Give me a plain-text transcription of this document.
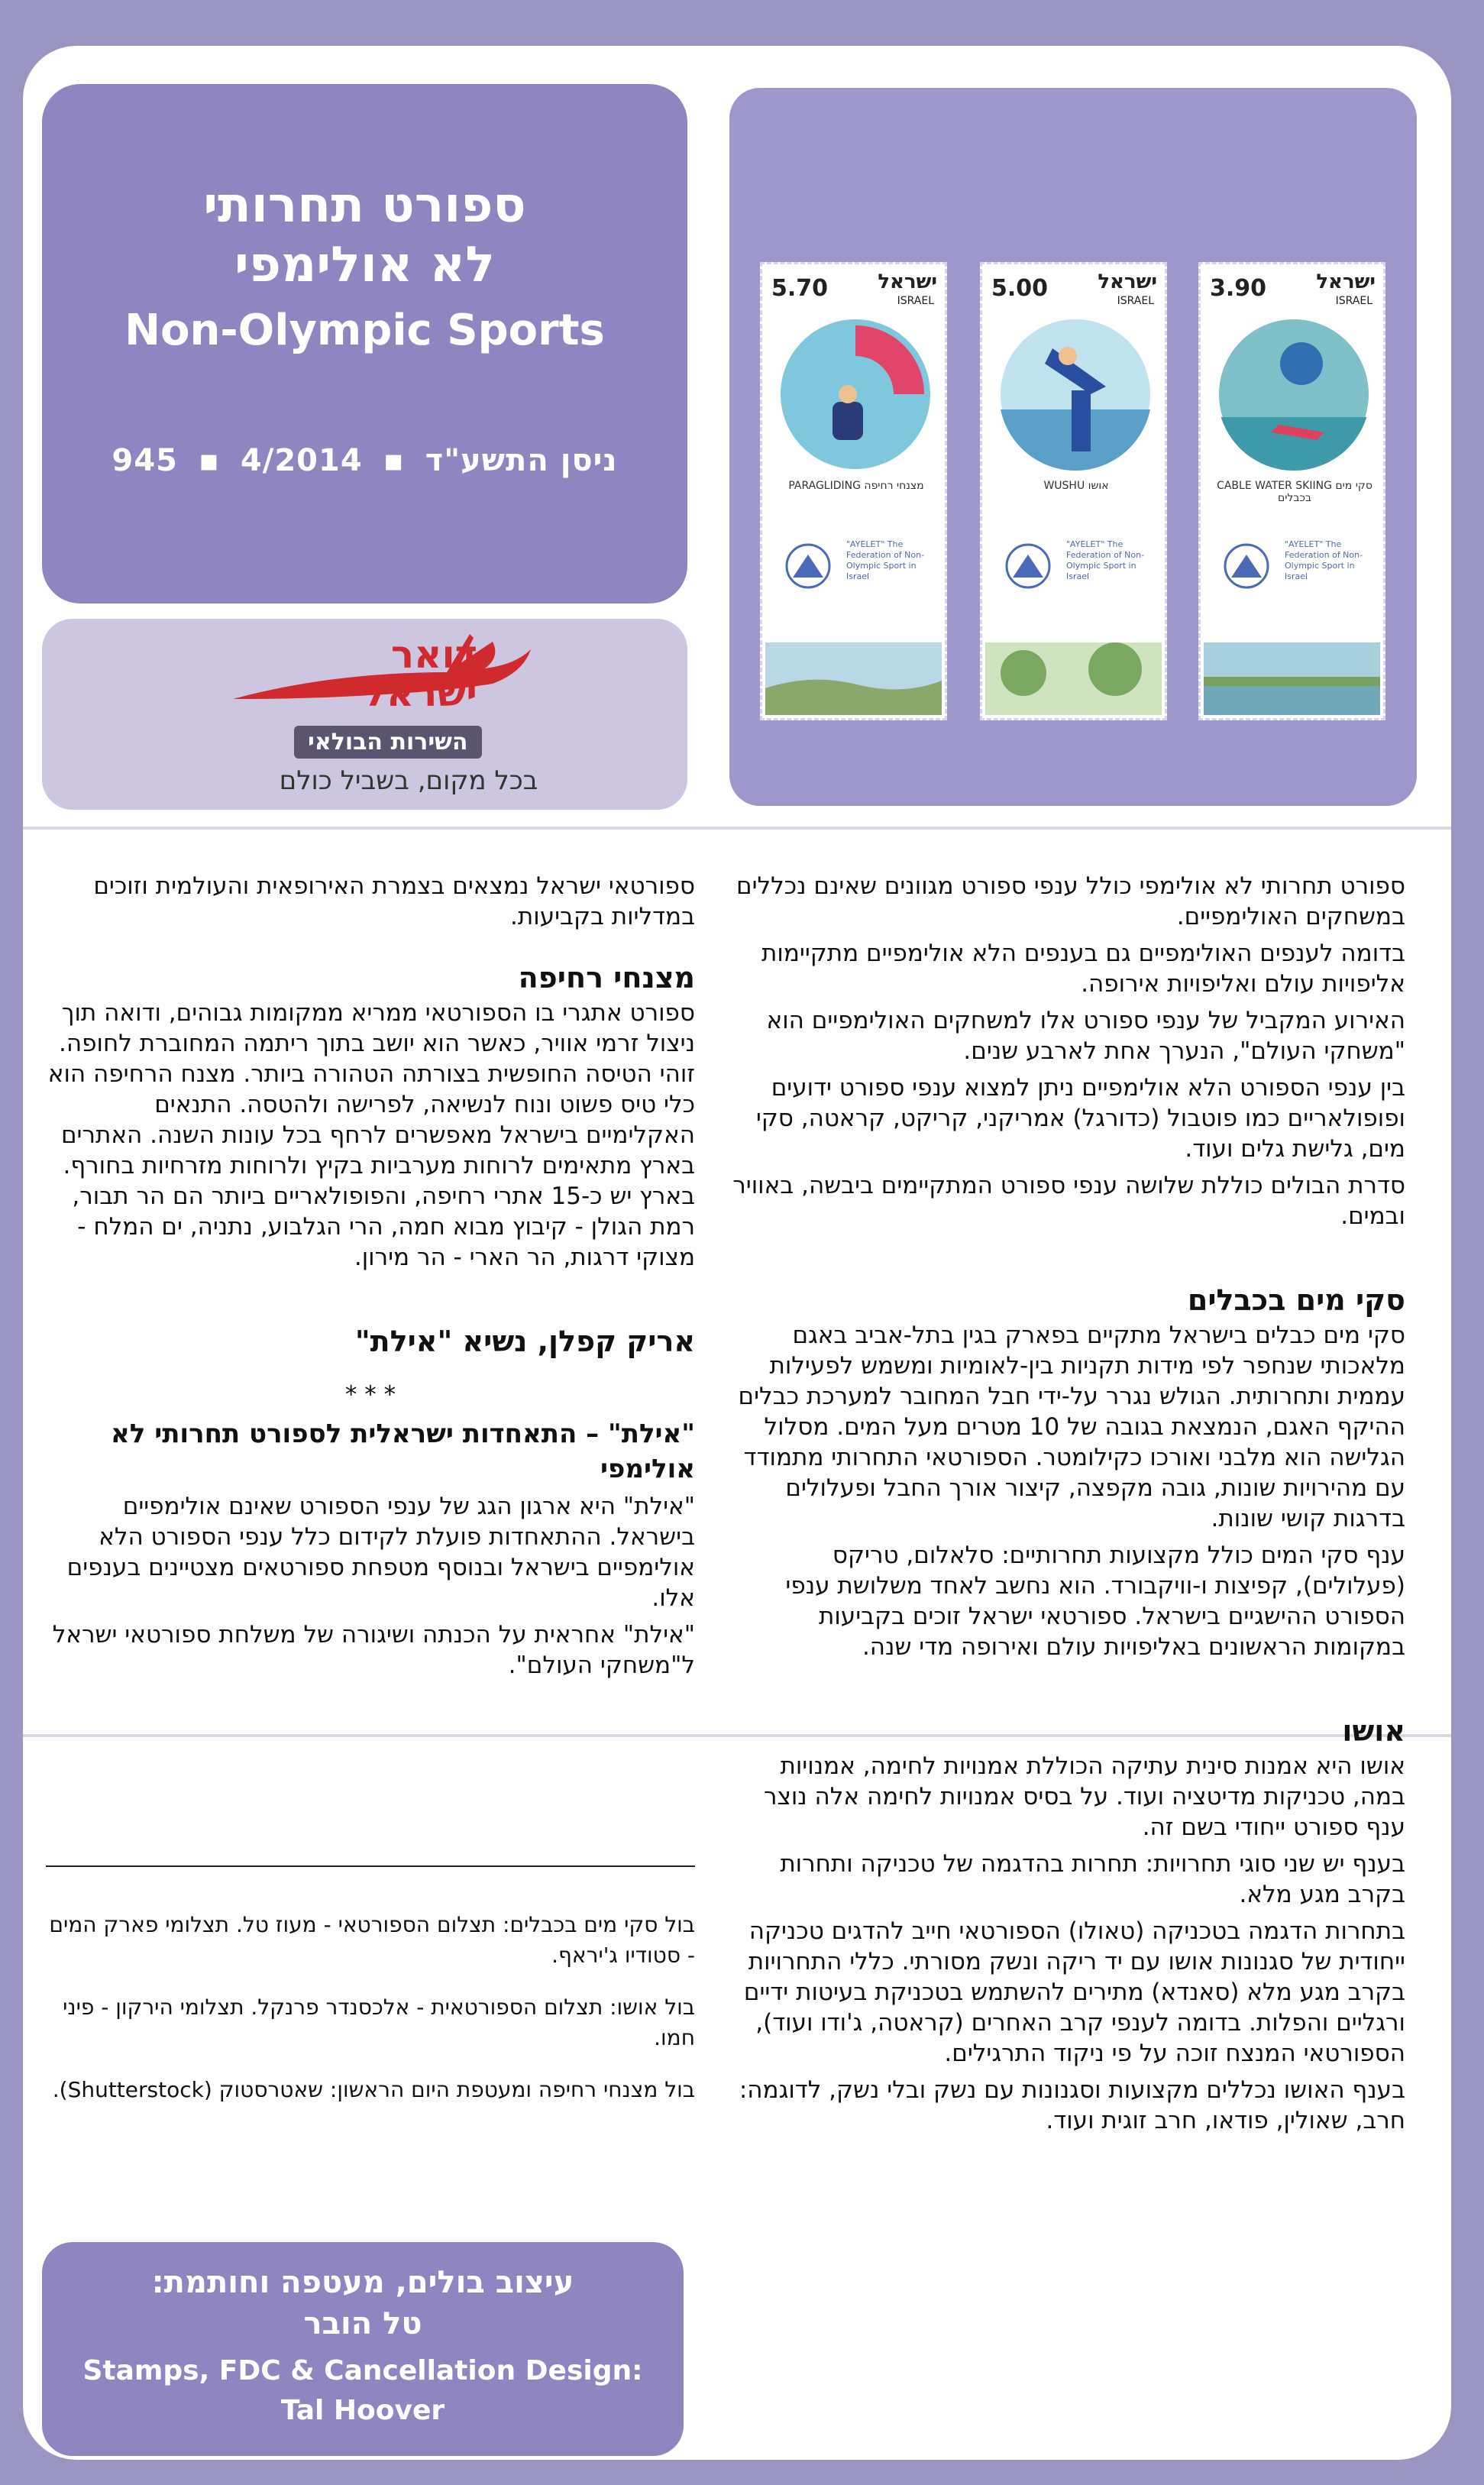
ספורט תחרותי
לא אולימפי
Non-Olympic Sports
945 ▪ 4/2014 ▪ ניסן התשע"ד
דואר
ישראל
השירות הבולאי
בכל מקום, בשביל כולם
5.70	ישראל
ISRAEL
PARAGLIDING מצנחי רחיפה
"AYELET" The Federation of Non-Olympic Sport in Israel
5.00	ישראל
ISRAEL
WUSHU אושו
"AYELET" The Federation of Non-Olympic Sport in Israel
3.90	ישראל
ISRAEL
CABLE WATER SKIING סקי מים בכבלים
"AYELET" The Federation of Non-Olympic Sport in Israel

ספורט תחרותי לא אולימפי כולל ענפי ספורט מגוונים שאינם נכללים במשחקים האולימפיים.

בדומה לענפים האולימפיים גם בענפים הלא אולימפיים מתקיימות אליפויות עולם ואליפויות אירופה.

האירוע המקביל של ענפי ספורט אלו למשחקים האולימפיים הוא "משחקי העולם", הנערך אחת לארבע שנים.

בין ענפי הספורט הלא אולימפיים ניתן למצוא ענפי ספורט ידועים ופופולאריים כמו פוטבול (כדורגל) אמריקני, קריקט, קראטה, סקי מים, גלישת גלים ועוד.

סדרת הבולים כוללת שלושה ענפי ספורט המתקיימים ביבשה, באוויר ובמים.

סקי מים בכבלים

סקי מים כבלים בישראל מתקיים בפארק בגין בתל-אביב באגם מלאכותי שנחפר לפי מידות תקניות בין-לאומיות ומשמש לפעילות עממית ותחרותית. הגולש נגרר על-ידי חבל המחובר למערכת כבלים ההיקף האגם, הנמצאת בגובה של 10 מטרים מעל המים. מסלול הגלישה הוא מלבני ואורכו כקילומטר. הספורטאי התחרותי מתמודד עם מהירויות שונות, גובה מקפצה, קיצור אורך החבל ופעלולים בדרגות קושי שונות.

ענף סקי המים כולל מקצועות תחרותיים: סלאלום, טריקס (פעלולים), קפיצות ו-וויקבורד. הוא נחשב לאחד משלושת ענפי הספורט ההישגיים בישראל. ספורטאי ישראל זוכים בקביעות במקומות הראשונים באליפויות עולם ואירופה מדי שנה.

אושו

אושו היא אמנות סינית עתיקה הכוללת אמנויות לחימה, אמנויות במה, טכניקות מדיטציה ועוד. על בסיס אמנויות לחימה אלה נוצר ענף ספורט ייחודי בשם זה.

בענף יש שני סוגי תחרויות: תחרות בהדגמה של טכניקה ותחרות בקרב מגע מלא.

בתחרות הדגמה בטכניקה (טאולו) הספורטאי חייב להדגים טכניקה ייחודית של סגנונות אושו עם יד ריקה ונשק מסורתי. כללי התחרויות בקרב מגע מלא (סאנדא) מתירים להשתמש בטכניקת בעיטות ידיים ורגליים והפלות. בדומה לענפי קרב האחרים (קראטה, ג'ודו ועוד), הספורטאי המנצח זוכה על פי ניקוד התרגילים.

בענף האושו נכללים מקצועות וסגנונות עם נשק ובלי נשק, לדוגמה: חרב, שאולין, פודאו, חרב זוגית ועוד.

ספורטאי ישראל נמצאים בצמרת האירופאית והעולמית וזוכים במדליות בקביעות.

מצנחי רחיפה

ספורט אתגרי בו הספורטאי ממריא ממקומות גבוהים, ודואה תוך ניצול זרמי אוויר, כאשר הוא יושב בתוך ריתמה המחוברת לחופה. זוהי הטיסה החופשית בצורתה הטהורה ביותר. מצנח הרחיפה הוא כלי טיס פשוט ונוח לנשיאה, לפרישה ולהטסה. התנאים האקלימיים בישראל מאפשרים לרחף בכל עונות השנה. האתרים בארץ מתאימים לרוחות מערביות בקיץ ולרוחות מזרחיות בחורף. בארץ יש כ-15 אתרי רחיפה, והפופולאריים ביותר הם הר תבור, רמת הגולן - קיבוץ מבוא חמה, הרי הגלבוע, נתניה, ים המלח - מצוקי דרגות, הר הארי - הר מירון.

אריק קפלן, נשיא "אילת"

* * *

"אילת" – התאחדות ישראלית לספורט תחרותי לא אולימפי

"אילת" היא ארגון הגג של ענפי הספורט שאינם אולימפיים בישראל. ההתאחדות פועלת לקידום כלל ענפי הספורט הלא אולימפיים בישראל ובנוסף מטפחת ספורטאים מצטיינים בענפים אלו.

"אילת" אחראית על הכנתה ושיגורה של משלחת ספורטאי ישראל ל"משחקי העולם".

בול סקי מים בכבלים: תצלום הספורטאי - מעוז טל. תצלומי פארק המים - סטודיו ג'יראף.

בול אושו: תצלום הספורטאית - אלכסנדר פרנקל. תצלומי הירקון - פיני חמו.

בול מצנחי רחיפה ומעטפת היום הראשון: שאטרסטוק (Shutterstock).

עיצוב בולים, מעטפה וחותמת:
טל הובר
Stamps, FDC & Cancellation Design:
Tal Hoover
